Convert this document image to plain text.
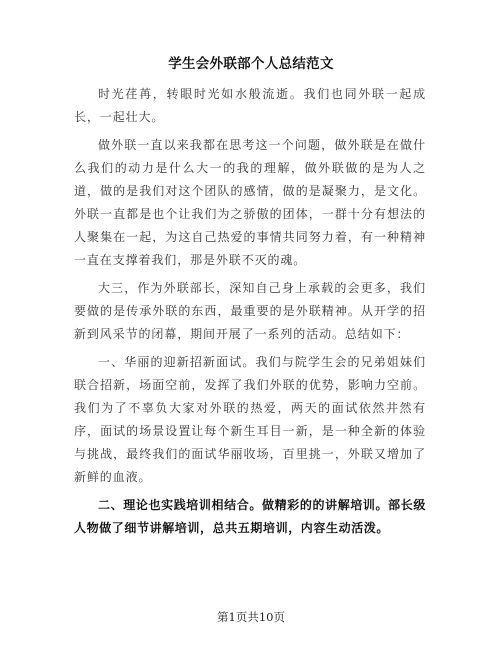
学生会外联部个人总结范文

时光荏苒，转眼时光如水般流逝。我们也同外联一起成长，一起壮大。

做外联一直以来我都在思考这一个问题，做外联是在做什么我们的动力是什么大一的我的理解，做外联做的是为人之道，做的是我们对这个团队的感情，做的是凝聚力，是文化。外联一直都是也个让我们为之骄傲的团体，一群十分有想法的人聚集在一起，为这自己热爱的事情共同努力着，有一种精神一直在支撑着我们，那是外联不灭的魂。

大三，作为外联部长，深知自己身上承载的会更多，我们要做的是传承外联的东西，最重要的是外联精神。从开学的招新到风采节的闭幕，期间开展了一系列的活动。总结如下：

一、华丽的迎新招新面试。我们与院学生会的兄弟姐妹们联合招新，场面空前，发挥了我们外联的优势，影响力空前。我们为了不辜负大家对外联的热爱，两天的面试依然井然有序，面试的场景设置让每个新生耳目一新，是一种全新的体验与挑战，最终我们的面试华丽收场，百里挑一，外联又增加了新鲜的血液。

二、理论也实践培训相结合。做精彩的的讲解培训。部长级人物做了细节讲解培训，总共五期培训，内容生动活泼。

第1页共10页
